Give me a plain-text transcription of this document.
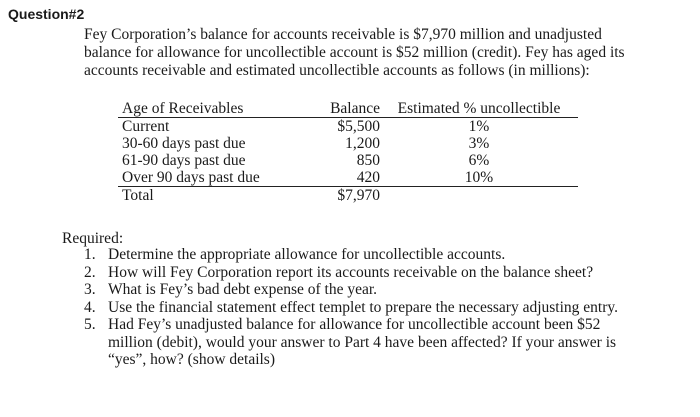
Question#2
Fey Corporation’s balance for accounts receivable is $7,970 million and unadjusted
balance for allowance for uncollectible account is $52 million (credit). Fey has aged its
accounts receivable and estimated uncollectible accounts as follows (in millions):
Age of Receivables	Balance	Estimated % uncollectible
Current	$5,500	1%
30-60 days past due	1,200	3%
61-90 days past due	850	6%
Over 90 days past due	420	10%
Total	$7,970	
Required:
1. Determine the appropriate allowance for uncollectible accounts.
2. How will Fey Corporation report its accounts receivable on the balance sheet?
3. What is Fey’s bad debt expense of the year.
4. Use the financial statement effect templet to prepare the necessary adjusting entry.
5. Had Fey’s unadjusted balance for allowance for uncollectible account been $52
million (debit), would your answer to Part 4 have been affected? If your answer is
“yes”, how? (show details)
